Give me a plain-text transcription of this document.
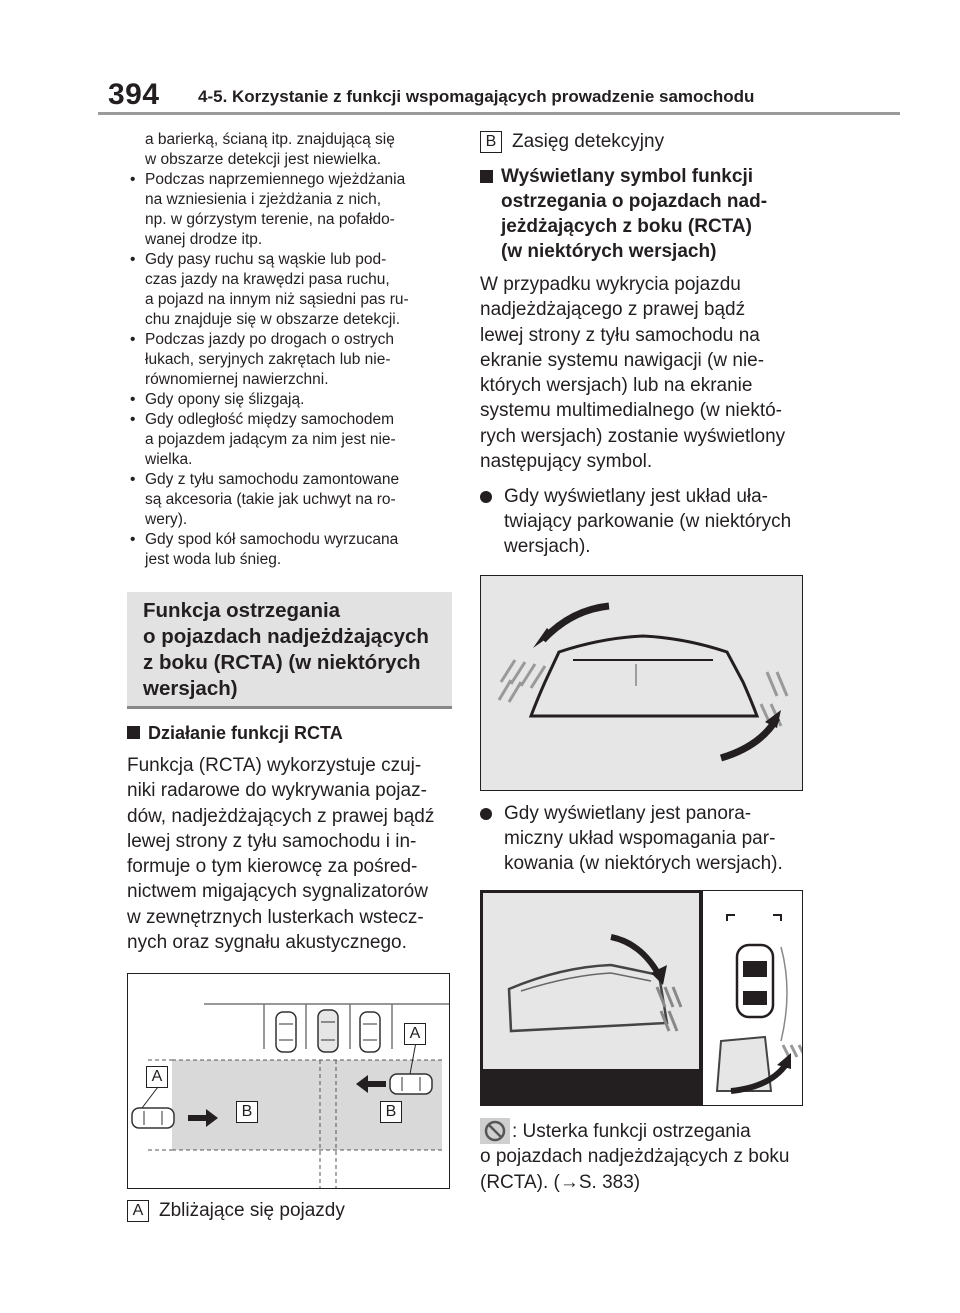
394 4-5. Korzystanie z funkcji wspomagających prowadzenie samochodu
a barierką, ścianą itp. znajdującą się
w obszarze detekcji jest niewielka.
• Podczas naprzemiennego wjeżdżania
na wzniesienia i zjeżdżania z nich,
np. w górzystym terenie, na pofałdo-
wanej drodze itp.
• Gdy pasy ruchu są wąskie lub pod-
czas jazdy na krawędzi pasa ruchu,
a pojazd na innym niż sąsiedni pas ru-
chu znajduje się w obszarze detekcji.
• Podczas jazdy po drogach o ostrych
łukach, seryjnych zakrętach lub nie-
równomiernej nawierzchni.
• Gdy opony się ślizgają.
• Gdy odległość między samochodem
a pojazdem jadącym za nim jest nie-
wielka.
• Gdy z tyłu samochodu zamontowane
są akcesoria (takie jak uchwyt na ro-
wery).
• Gdy spod kół samochodu wyrzucana
jest woda lub śnieg.
Funkcja ostrzegania
o pojazdach nadjeżdżających
z boku (RCTA) (w niektórych
wersjach)
Działanie funkcji RCTA
Funkcja (RCTA) wykorzystuje czuj-
niki radarowe do wykrywania pojaz-
dów, nadjeżdżających z prawej bądź
lewej strony z tyłu samochodu i in-
formuje o tym kierowcę za pośred-
nictwem migających sygnalizatorów
w zewnętrznych lusterkach wstecz-
nych oraz sygnału akustycznego.
A
A
B	B
A Zbliżające się pojazdy
B Zasięg detekcyjny
Wyświetlany symbol funkcji
ostrzegania o pojazdach nad-
jeżdżających z boku (RCTA)
(w niektórych wersjach)
W przypadku wykrycia pojazdu
nadjeżdżającego z prawej bądź
lewej strony z tyłu samochodu na
ekranie systemu nawigacji (w nie-
których wersjach) lub na ekranie
systemu multimedialnego (w niektó-
rych wersjach) zostanie wyświetlony
następujący symbol.
Gdy wyświetlany jest układ uła-
twiający parkowanie (w niektórych
wersjach).
Gdy wyświetlany jest panora-
miczny układ wspomagania par-
kowania (w niektórych wersjach).
: Usterka funkcji ostrzegania
o pojazdach nadjeżdżających z boku
(RCTA). (→S. 383)
